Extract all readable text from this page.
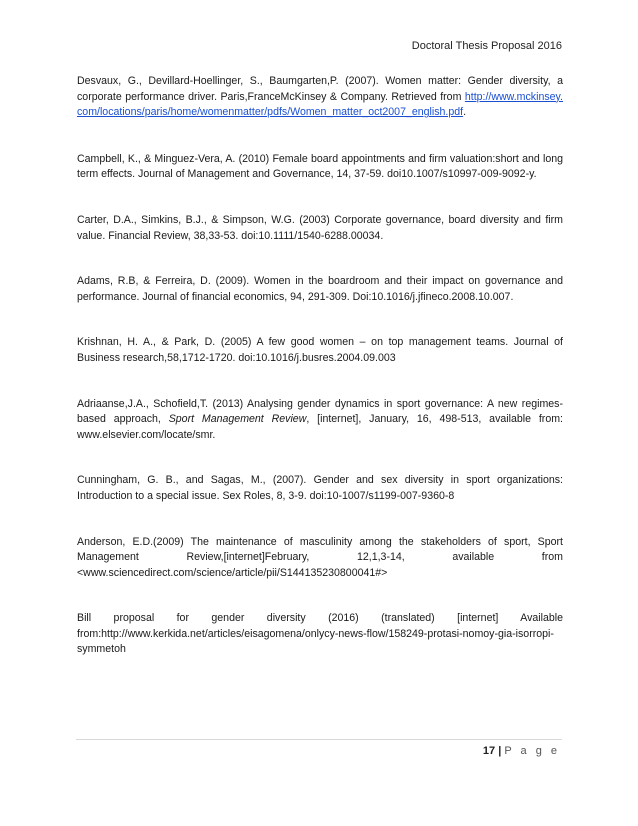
Doctoral Thesis Proposal 2016

Desvaux, G., Devillard-Hoellinger, S., Baumgarten,P. (2007). Women matter: Gender diversity, a corporate performance driver. Paris,FranceMcKinsey & Company. Retrieved from http://www.mckinsey.com/locations/paris/home/womenmatter/pdfs/Women_matter_oct2007_english.pdf.

Campbell, K., & Minguez-Vera, A. (2010) Female board appointments and firm valuation:short and long term effects. Journal of Management and Governance, 14, 37-59. doi10.1007/s10997-009-9092-y.

Carter, D.A., Simkins, B.J., & Simpson, W.G. (2003) Corporate governance, board diversity and firm value. Financial Review, 38,33-53. doi:10.1111/1540-6288.00034.

Adams, R.B, & Ferreira, D. (2009). Women in the boardroom and their impact on governance and performance. Journal of financial economics, 94, 291-309. Doi:10.1016/j.jfineco.2008.10.007.

Krishnan, H. A., & Park, D. (2005) A few good women – on top management teams. Journal of Business research,58,1712-1720. doi:10.1016/j.busres.2004.09.003

Adriaanse,J.A., Schofield,T. (2013) Analysing gender dynamics in sport governance: A new regimes-based approach, Sport Management Review, [internet], January, 16, 498-513, available from: www.elsevier.com/locate/smr.

Cunningham, G. B., and Sagas, M., (2007). Gender and sex diversity in sport organizations: Introduction to a special issue. Sex Roles, 8, 3-9. doi:10-1007/s1199-007-9360-8

Anderson, E.D.(2009) The maintenance of masculinity among the stakeholders of sport, Sport Management Review,[internet]February, 12,1,3-14, available from <www.sciencedirect.com/science/article/pii/S144135230800041#>

Bill proposal for gender diversity (2016) (translated) [internet] Available from:http://www.kerkida.net/articles/eisagomena/onlycy-news-flow/158249-protasi-nomoy-gia-isorropi-symmetoh

17 | P a g e
